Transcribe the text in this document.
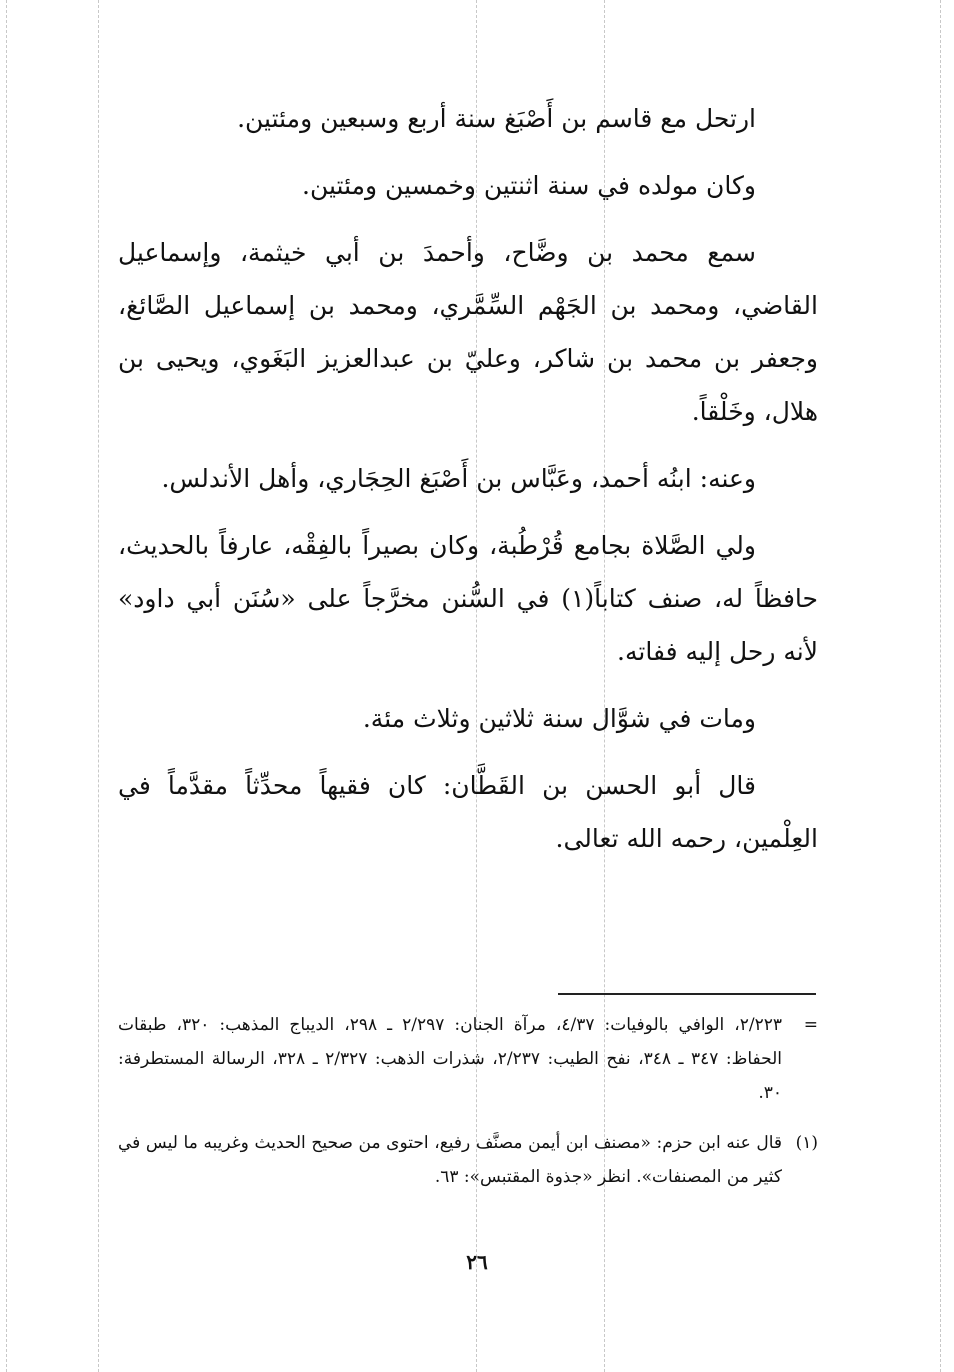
ارتحل مع قاسم بن أَصْبَغ سنة أربع وسبعين ومئتين.

وكان مولده في سنة اثنتين وخمسين ومئتين.

سمع محمد بن وضَّاح، وأحمدَ بن أبي خيثمة، وإسماعيل القاضي، ومحمد بن الجَهْم السِّمَّري، ومحمد بن إسماعيل الصَّائغ، وجعفر بن محمد بن شاكر، وعليّ بن عبدالعزيز البَغَوي، ويحيى بن هلال، وخَلْقاً.

وعنه: ابنُه أحمد، وعَبَّاس بن أَصْبَغ الحِجَاري، وأهل الأندلس.

ولي الصَّلاة بجامع قُرْطُبة، وكان بصيراً بالفِقْه، عارفاً بالحديث، حافظاً له، صنف كتاباً(١) في السُّنن مخرَّجاً على «سُنَن أبي داود» لأنه رحل إليه ففاته.

ومات في شوَّال سنة ثلاثين وثلاث مئة.

قال أبو الحسن بن القَطَّان: كان فقيهاً محدِّثاً مقدَّماً في العِلْمين، رحمه الله تعالى.

=
٢/٢٢٣، الوافي بالوفيات: ٤/٣٧، مرآة الجنان: ٢/٢٩٧ ـ ٢٩٨، الديباج المذهب: ٣٢٠، طبقات الحفاظ: ٣٤٧ ـ ٣٤٨، نفح الطيب: ٢/٢٣٧، شذرات الذهب: ٢/٣٢٧ ـ ٣٢٨، الرسالة المستطرفة: ٣٠.
(١)
قال عنه ابن حزم: «مصنف ابن أيمن مصنَّف رفيع، احتوى من صحيح الحديث وغريبه ما ليس في كثير من المصنفات». انظر «جذوة المقتبس»: ٦٣.
٢٦
